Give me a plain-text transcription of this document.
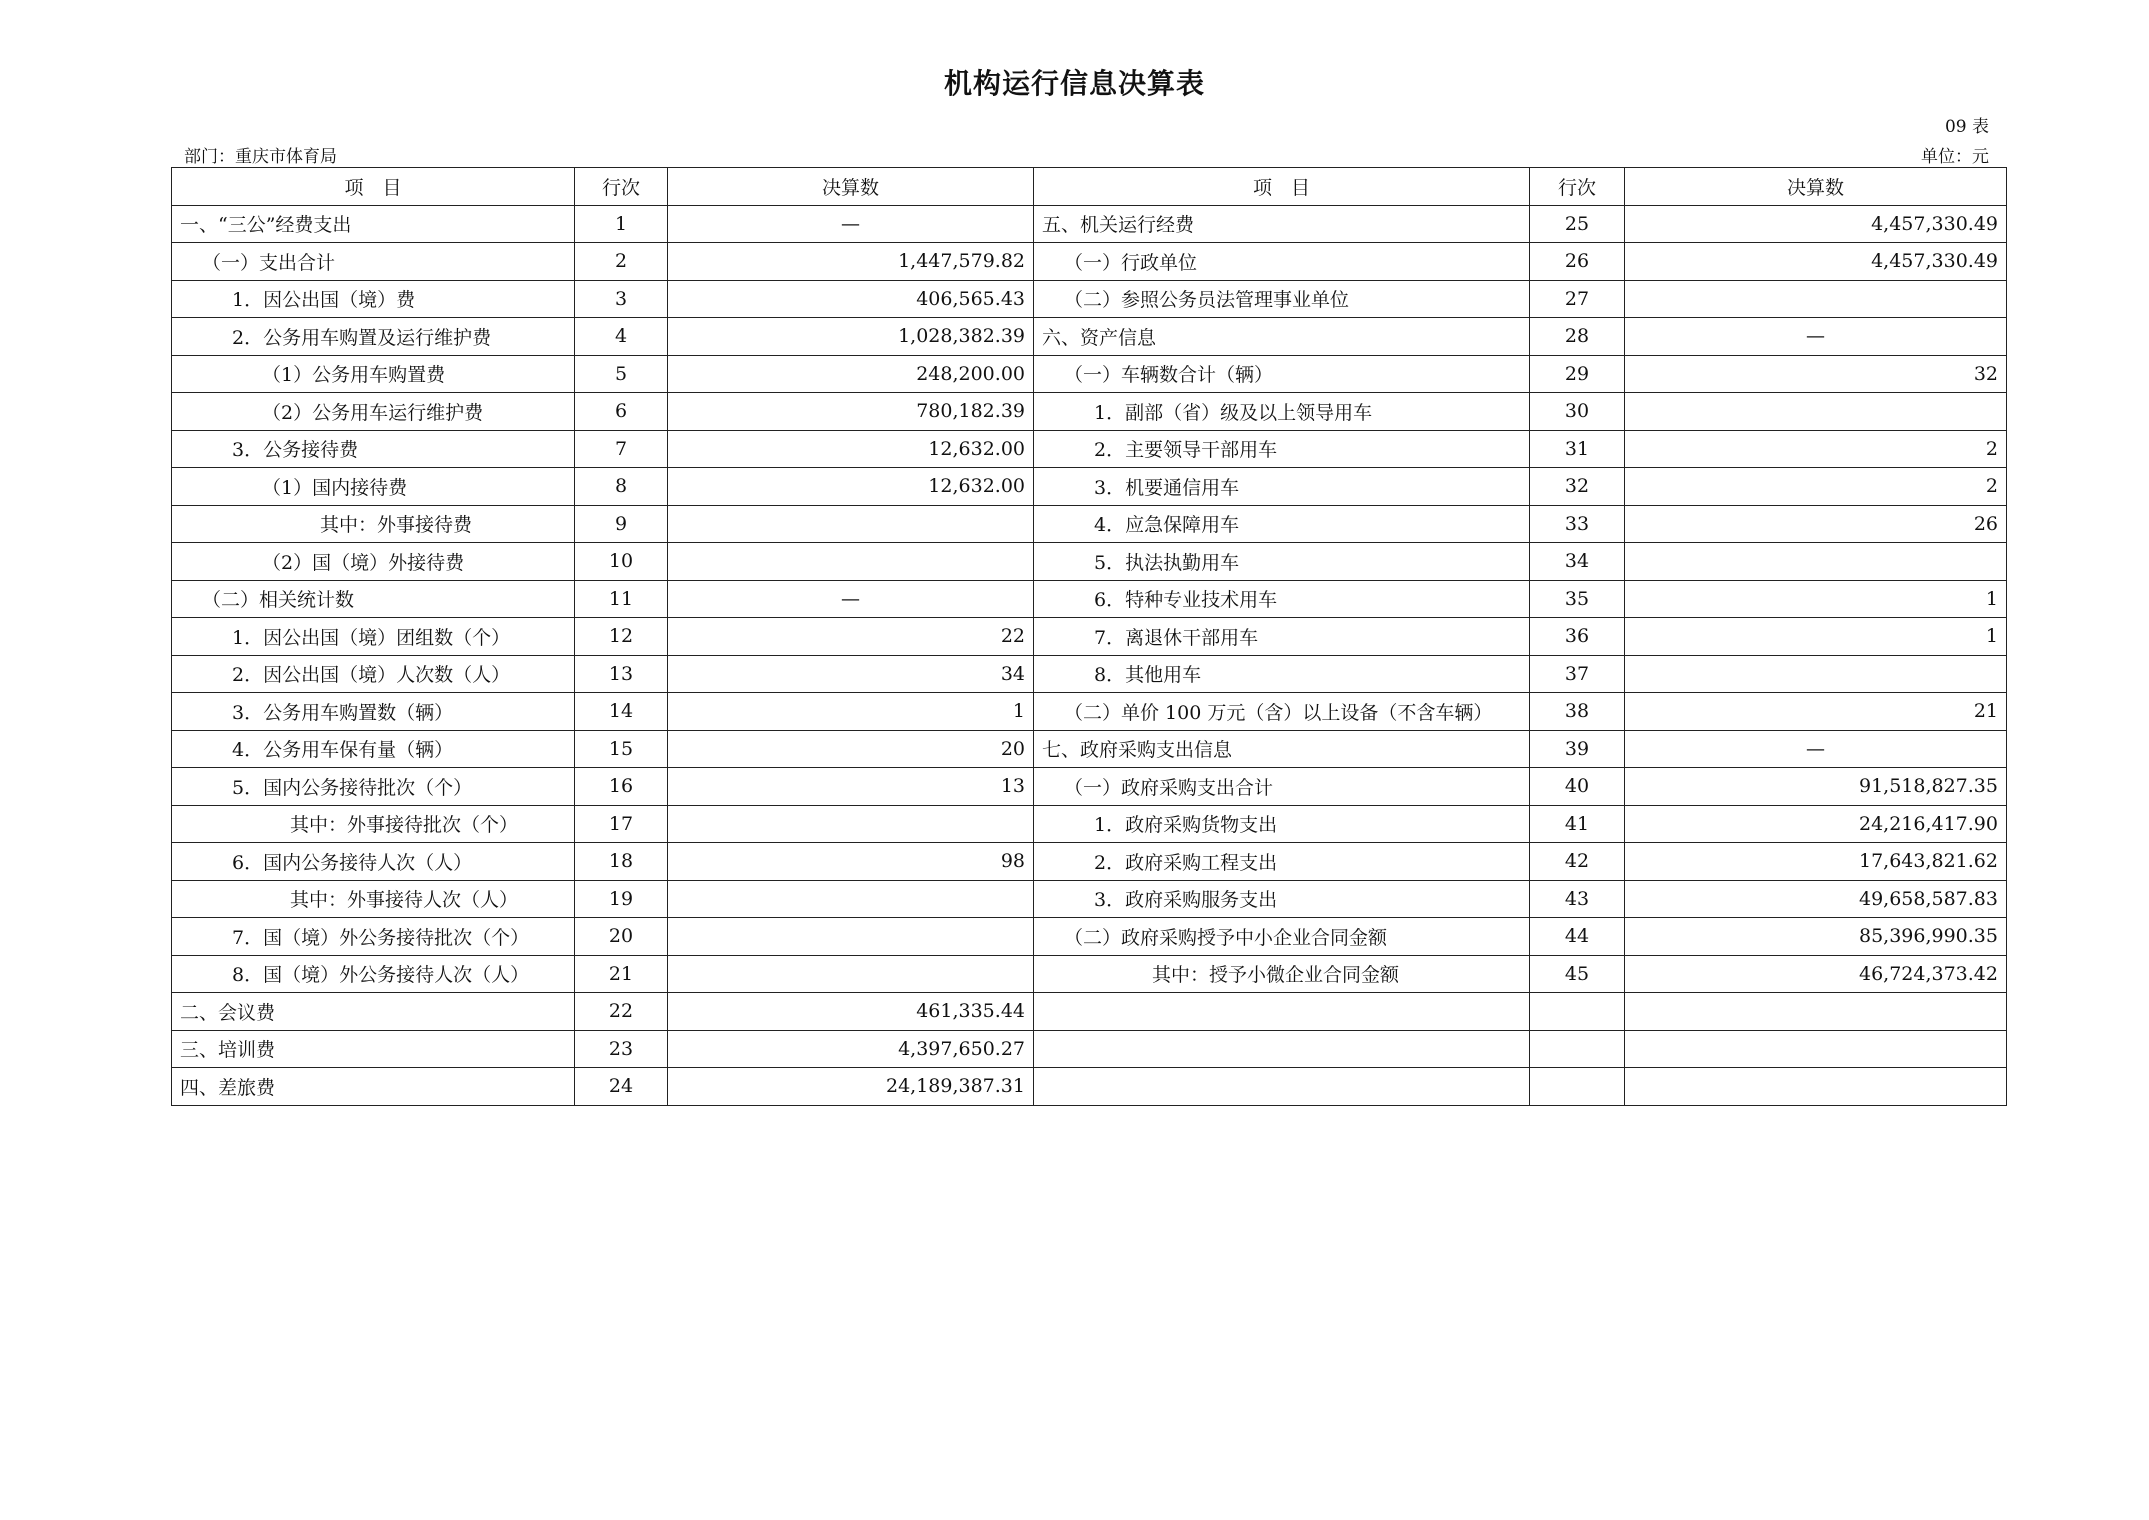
机构运行信息决算表
09 表
部门：重庆市体育局	单位：元
项　目	行次	决算数	项　目	行次	决算数
一、“三公”经费支出	1	—	五、机关运行经费	25	4,457,330.49
（一）支出合计	2	1,447,579.82	（一）行政单位	26	4,457,330.49
1．因公出国（境）费	3	406,565.43	（二）参照公务员法管理事业单位	27	
2．公务用车购置及运行维护费	4	1,028,382.39	六、资产信息	28	—
（1）公务用车购置费	5	248,200.00	（一）车辆数合计（辆）	29	32
（2）公务用车运行维护费	6	780,182.39	1．副部（省）级及以上领导用车	30	
3．公务接待费	7	12,632.00	2．主要领导干部用车	31	2
（1）国内接待费	8	12,632.00	3．机要通信用车	32	2
其中：外事接待费	9		4．应急保障用车	33	26
（2）国（境）外接待费	10		5．执法执勤用车	34	
（二）相关统计数	11	—	6．特种专业技术用车	35	1
1．因公出国（境）团组数（个）	12	22	7．离退休干部用车	36	1
2．因公出国（境）人次数（人）	13	34	8．其他用车	37	
3．公务用车购置数（辆）	14	1	（二）单价 100 万元（含）以上设备（不含车辆）	38	21
4．公务用车保有量（辆）	15	20	七、政府采购支出信息	39	—
5．国内公务接待批次（个）	16	13	（一）政府采购支出合计	40	91,518,827.35
其中：外事接待批次（个）	17		1．政府采购货物支出	41	24,216,417.90
6．国内公务接待人次（人）	18	98	2．政府采购工程支出	42	17,643,821.62
其中：外事接待人次（人）	19		3．政府采购服务支出	43	49,658,587.83
7．国（境）外公务接待批次（个）	20		（二）政府采购授予中小企业合同金额	44	85,396,990.35
8．国（境）外公务接待人次（人）	21		其中：授予小微企业合同金额	45	46,724,373.42
二、会议费	22	461,335.44			
三、培训费	23	4,397,650.27			
四、差旅费	24	24,189,387.31			
